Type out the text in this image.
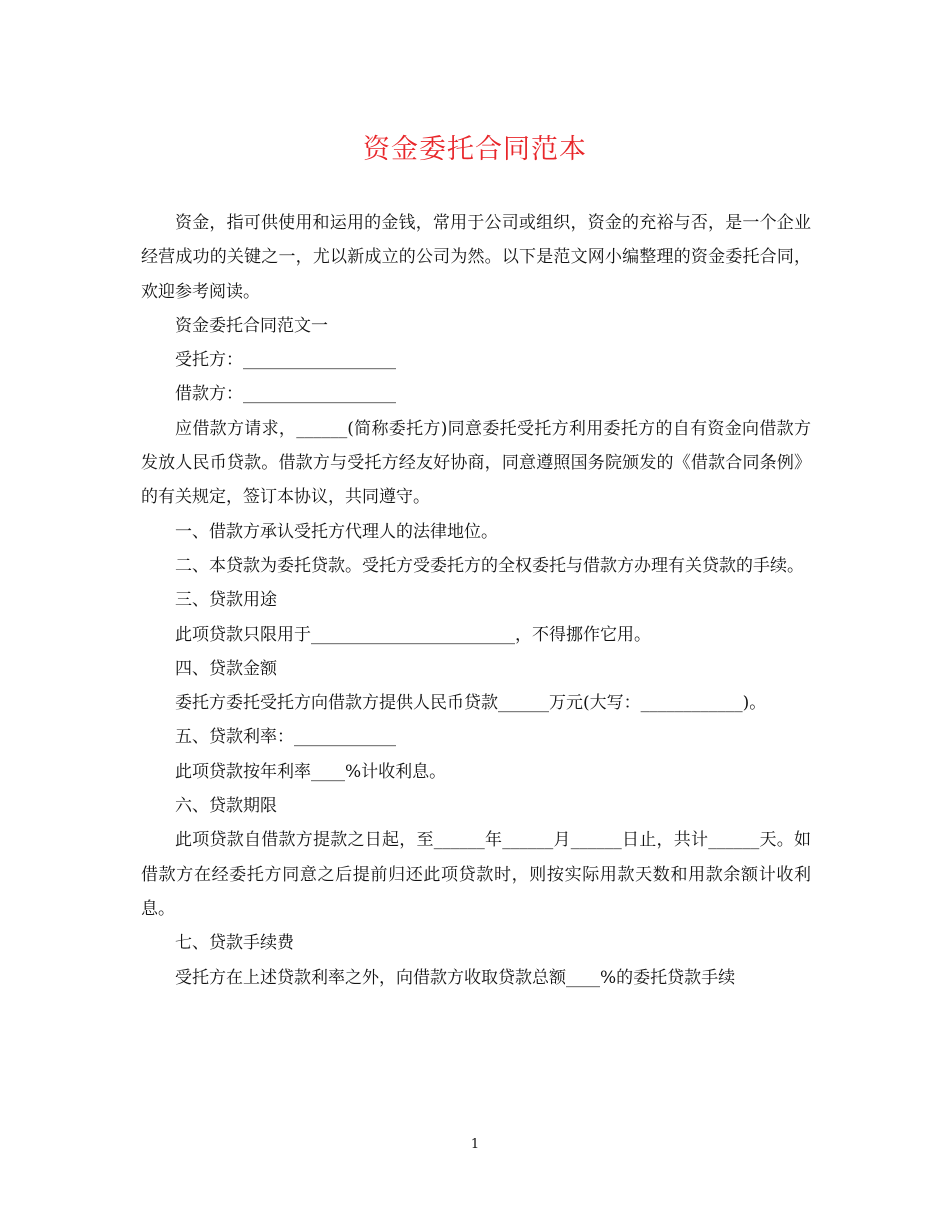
资金委托合同范本

资金，指可供使用和运用的金钱，常用于公司或组织，资金的充裕与否，是一个企业经营成功的关键之一，尤以新成立的公司为然。以下是范文网小编整理的资金委托合同，欢迎参考阅读。

资金委托合同范文一

受托方：__________________

借款方：__________________

应借款方请求，______(简称委托方)同意委托受托方利用委托方的自有资金向借款方发放人民币贷款。借款方与受托方经友好协商，同意遵照国务院颁发的《借款合同条例》的有关规定，签订本协议，共同遵守。

一、借款方承认受托方代理人的法律地位。

二、本贷款为委托贷款。受托方受委托方的全权委托与借款方办理有关贷款的手续。

三、贷款用途

此项贷款只限用于________________________，不得挪作它用。

四、贷款金额

委托方委托受托方向借款方提供人民币贷款______万元(大写：____________)。

五、贷款利率：____________

此项贷款按年利率____%计收利息。

六、贷款期限

此项贷款自借款方提款之日起，至______年______月______日止，共计______天。如借款方在经委托方同意之后提前归还此项贷款时，则按实际用款天数和用款余额计收利息。

七、贷款手续费

受托方在上述贷款利率之外，向借款方收取贷款总额____%的委托贷款手续

1
